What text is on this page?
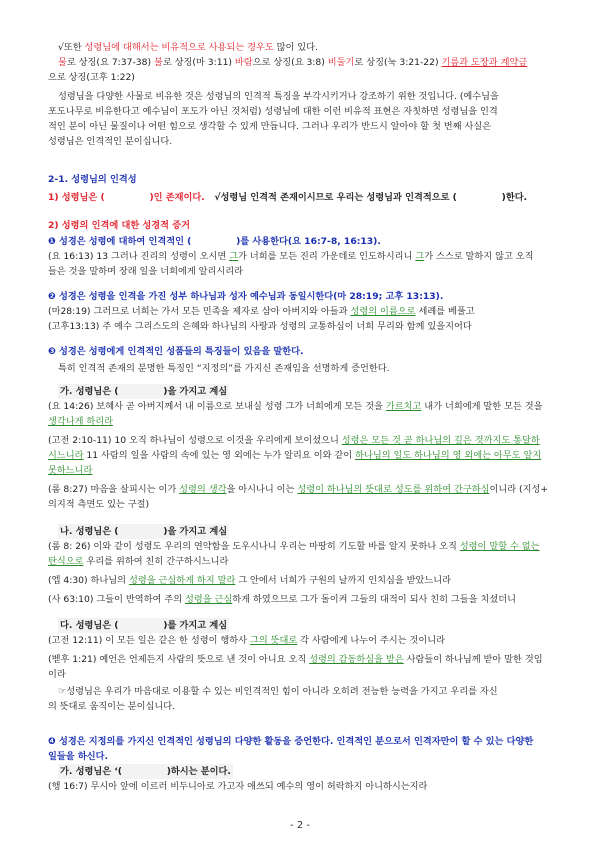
√또한 성령님에 대해서는 비유적으로 사용되는 경우도 많이 있다.

물로 상징(요 7:37-38) 불로 상징(마 3:11) 바람으로 상징(요 3:8) 비둘기로 상징(눅 3:21-22) 기름과 도장과 계약금

으로 상징(고후 1:22)

성령님을 다양한 사물로 비유한 것은 성령님의 인격적 특징을 부각시키거나 강조하기 위한 것입니다. (예수님을

포도나무로 비유한다고 예수님이 포도가 아닌 것처럼) 성령님에 대한 이런 비유적 표현은 자칫하면 성령님을 인격

적인 분이 아닌 물질이나 어떤 힘으로 생각할 수 있게 만듭니다. 그러나 우리가 반드시 알아야 할 첫 번째 사실은

성령님은 인격적인 분이십니다.

2-1. 성령님의 인격성

1) 성령님은 (	)인 존재이다.   √성령님 인격적 존재이시므로 우리는 성령님과 인격적으로 (	)한다.

2) 성령의 인격에 대한 성경적 증거

❶ 성경은 성령에 대하여 인격적인 (	)를 사용한다(요 16:7-8, 16:13).

(요 16:13) 13 그러나 진리의 성령이 오시면 그가 너희를 모든 진리 가운데로 인도하시리니 그가 스스로 말하지 않고 오직

들은 것을 말하며 장래 일을 너희에게 알리시리라

❷ 성경은 성령을 인격을 가진 성부 하나님과 성자 예수님과 동일시한다(마 28:19; 고후 13:13).

(마28:19) 그러므로 너희는 가서 모든 민족을 제자로 삼아 아버지와 아들과 성령의 이름으로 세례를 베풀고

(고후13:13) 주 예수 그리스도의 은혜와 하나님의 사랑과 성령의 교통하심이 너희 무리와 함께 있을지어다

❸ 성경은 성령에게 인격적인 성품들의 특징들이 있음을 말한다.

특히 인격적 존재의 분명한 특징인 “지정의”를 가지신 존재임을 선명하게 증언한다.

가. 성령님은 (	)을 가지고 계심

(요 14:26) 보혜사 곧 아버지께서 내 이름으로 보내실 성령 그가 너희에게 모든 것을 가르치고 내가 너희에게 말한 모든 것을

생각나게 하리라

(고전 2:10-11) 10 오직 하나님이 성령으로 이것을 우리에게 보이셨으니 성령은 모든 것 곧 하나님의 깊은 것까지도 통달하

시느니라 11 사람의 일을 사람의 속에 있는 영 외에는 누가 알리요 이와 같이 하나님의 일도 하나님의 영 외에는 아무도 알지

못하느니라

(롬 8:27) 마음을 살피시는 이가 성령의 생각을 아시나니 이는 성령이 하나님의 뜻대로 성도를 위하여 간구하심이니라 (지성+

의지적 측면도 있는 구절)

나. 성령님은 (	)을 가지고 계심

(롬 8: 26) 이와 같이 성령도 우리의 연약함을 도우시나니 우리는 마땅히 기도할 바를 알지 못하나 오직 성령이 말할 수 없는

탄식으로 우리를 위하여 친히 간구하시느니라

(엡 4:30) 하나님의 성령을 근심하게 하지 말라 그 안에서 너희가 구원의 날까지 인치심을 받았느니라

(사 63:10) 그들이 반역하여 주의 성령을 근심하게 하였으므로 그가 돌이켜 그들의 대적이 되사 친히 그들을 치셨더니

다. 성령님은 (	)를 가지고 계심

(고전 12:11) 이 모든 일은 같은 한 성령이 행하사 그의 뜻대로 각 사람에게 나누어 주시는 것이니라

(벧후 1:21) 예언은 언제든지 사람의 뜻으로 낸 것이 아니요 오직 성령의 감동하심을 받은 사람들이 하나님께 받아 말한 것임

이라

☞성령님은 우리가 마음대로 이용할 수 있는 비인격적인 힘이 아니라 오히려 전능한 능력을 가지고 우리를 자신

의 뜻대로 움직이는 분이십니다.

❹ 성경은 지정의를 가지신 인격적인 성령님의 다양한 활동을 증언한다. 인격적인 분으로서 인격자만이 할 수 있는 다양한

일들을 하신다.

가. 성령님은 ‘(	)하시는 분이다.

(행 16:7) 무시아 앞에 이르러 비두니아로 가고자 애쓰되 예수의 영이 허락하지 아니하시는지라

- 2 -
